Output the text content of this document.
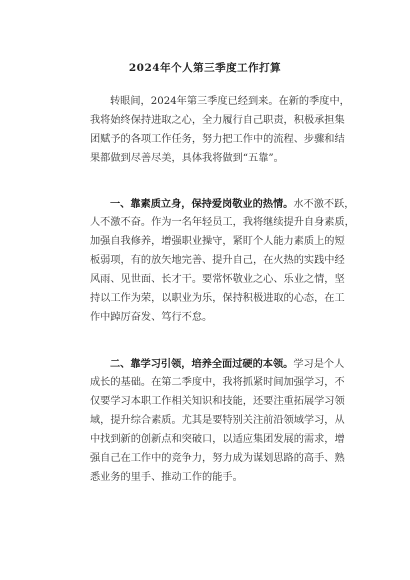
2024年个人第三季度工作打算
转眼间，2024年第三季度已经到来。在新的季度中，
我将始终保持进取之心，全力履行自己职责，积极承担集
团赋予的各项工作任务，努力把工作中的流程、步骤和结
果都做到尽善尽美，具体我将做到“五靠”。
一、靠素质立身，保持爱岗敬业的热情。水不激不跃，
人不激不奋。作为一名年轻员工，我将继续提升自身素质，
加强自我修养，增强职业操守，紧盯个人能力素质上的短
板弱项，有的放矢地完善、提升自己，在火热的实践中经
风雨、见世面、长才干。要常怀敬业之心、乐业之情，坚
持以工作为荣，以职业为乐，保持积极进取的心态，在工
作中踔厉奋发、笃行不怠。
二、靠学习引领，培养全面过硬的本领。学习是个人
成长的基础。在第二季度中，我将抓紧时间加强学习，不
仅要学习本职工作相关知识和技能，还要注重拓展学习领
域，提升综合素质。尤其是要特别关注前沿领域学习，从
中找到新的创新点和突破口，以适应集团发展的需求，增
强自己在工作中的竞争力，努力成为谋划思路的高手、熟
悉业务的里手、推动工作的能手。
